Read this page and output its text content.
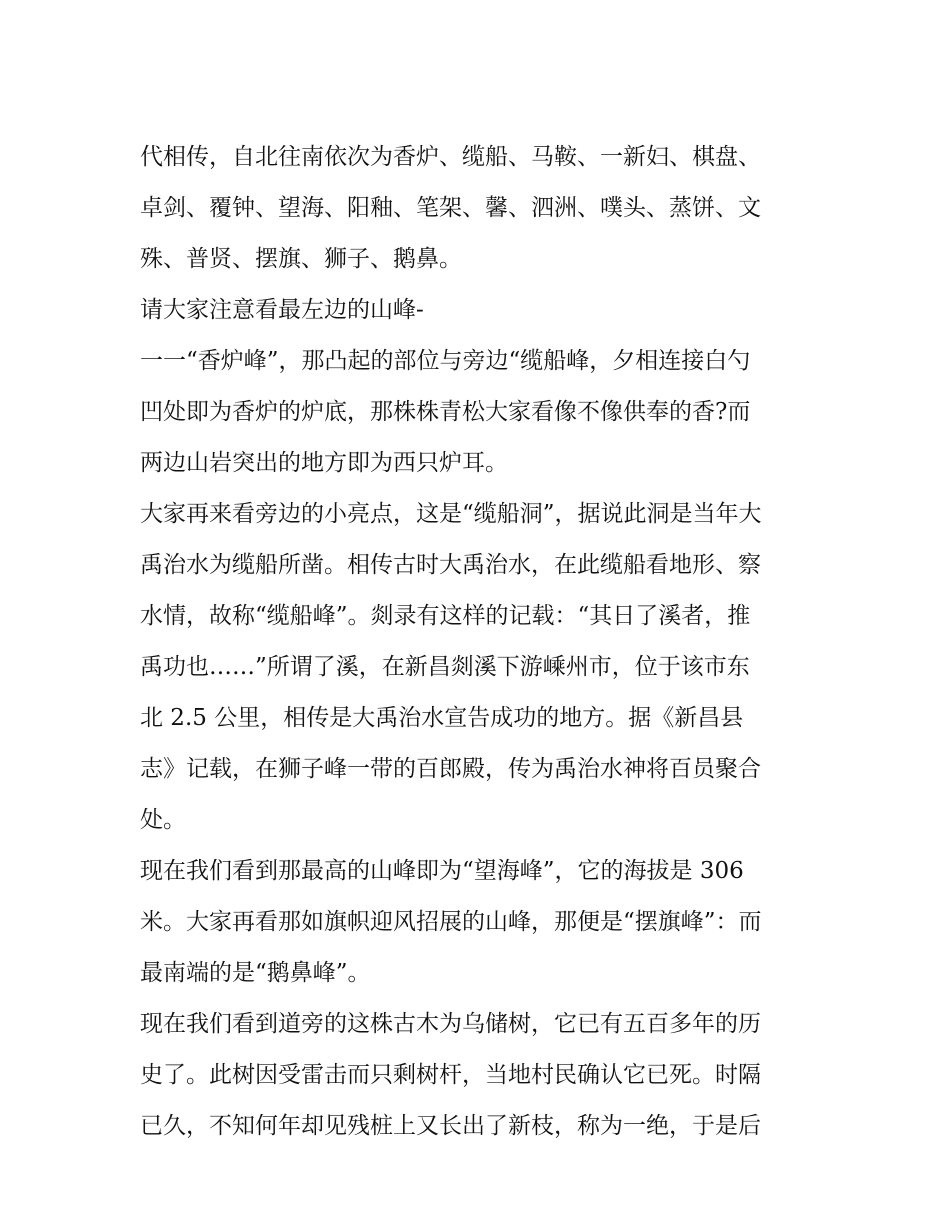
代相传，自北往南依次为香炉、缆船、马鞍、一新妇、棋盘、
卓剑、覆钟、望海、阳釉、笔架、馨、泗洲、噗头、蒸饼、文
殊、普贤、摆旗、狮子、鹅鼻。
请大家注意看最左边的山峰-
一一“香炉峰”，那凸起的部位与旁边“缆船峰，夕相连接白勺
凹处即为香炉的炉底，那株株青松大家看像不像供奉的香?而
两边山岩突出的地方即为西只炉耳。
大家再来看旁边的小亮点，这是“缆船洞”，据说此洞是当年大
禹治水为缆船所凿。相传古时大禹治水，在此缆船看地形、察
水情，故称“缆船峰”。剡录有这样的记载：“其日了溪者，推
禹功也……”所谓了溪，在新昌剡溪下游嵊州市，位于该市东
北 2.5 公里，相传是大禹治水宣告成功的地方。据《新昌县
志》记载，在狮子峰一带的百郎殿，传为禹治水神将百员聚合
处。
现在我们看到那最高的山峰即为“望海峰”，它的海拔是 306
米。大家再看那如旗帜迎风招展的山峰，那便是“摆旗峰”：而
最南端的是“鹅鼻峰”。
现在我们看到道旁的这株古木为乌储树，它已有五百多年的历
史了。此树因受雷击而只剩树杆，当地村民确认它已死。时隔
已久，不知何年却见残桩上又长出了新枝，称为一绝，于是后
